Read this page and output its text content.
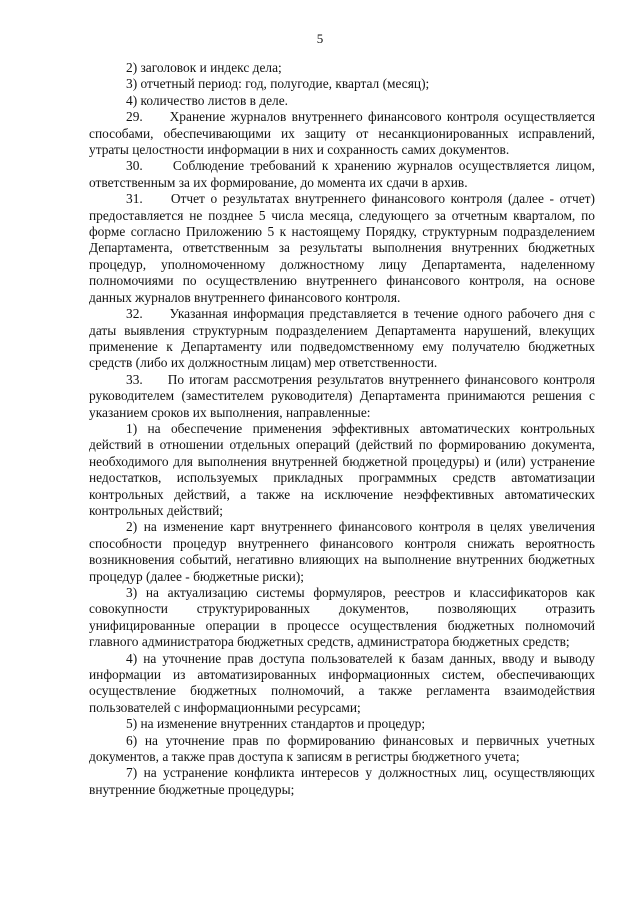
5

2) заголовок и индекс дела;

3) отчетный период: год, полугодие, квартал (месяц);

4) количество листов в деле.

29.     Хранение журналов внутреннего финансового контроля осуществляется способами, обеспечивающими их защиту от несанкционированных исправлений, утраты целостности информации в них и сохранность самих документов.

30.     Соблюдение требований к хранению журналов осуществляется лицом, ответственным за их формирование, до момента их сдачи в архив.

31.     Отчет о результатах внутреннего финансового контроля (далее - отчет) предоставляется не позднее 5 числа месяца, следующего за отчетным кварталом, по форме согласно Приложению 5 к настоящему Порядку, структурным подразделением Департамента, ответственным за результаты выполнения внутренних бюджетных процедур, уполномоченному должностному лицу Департамента, наделенному полномочиями по осуществлению внутреннего финансового контроля, на основе данных журналов внутреннего финансового контроля.

32.     Указанная информация представляется в течение одного рабочего дня с даты выявления структурным подразделением Департамента нарушений, влекущих применение к Департаменту или подведомственному ему получателю бюджетных средств (либо их должностным лицам) мер ответственности.

33.     По итогам рассмотрения результатов внутреннего финансового контроля руководителем (заместителем руководителя) Департамента принимаются решения с указанием сроков их выполнения, направленные:

1) на обеспечение применения эффективных автоматических контрольных действий в отношении отдельных операций (действий по формированию документа, необходимого для выполнения внутренней бюджетной процедуры) и (или) устранение недостатков, используемых прикладных программных средств автоматизации контрольных действий, а также на исключение неэффективных автоматических контрольных действий;

2) на изменение карт внутреннего финансового контроля в целях увеличения способности процедур внутреннего финансового контроля снижать вероятность возникновения событий, негативно влияющих на выполнение внутренних бюджетных процедур (далее - бюджетные риски);

3) на актуализацию системы формуляров, реестров и классификаторов как совокупности структурированных документов, позволяющих отразить унифицированные операции в процессе осуществления бюджетных полномочий главного администратора бюджетных средств, администратора бюджетных средств;

4) на уточнение прав доступа пользователей к базам данных, вводу и выводу информации из автоматизированных информационных систем, обеспечивающих осуществление бюджетных полномочий, а также регламента взаимодействия пользователей с информационными ресурсами;

5) на изменение внутренних стандартов и процедур;

6) на уточнение прав по формированию финансовых и первичных учетных документов, а также прав доступа к записям в регистры бюджетного учета;

7) на устранение конфликта интересов у должностных лиц, осуществляющих внутренние бюджетные процедуры;
